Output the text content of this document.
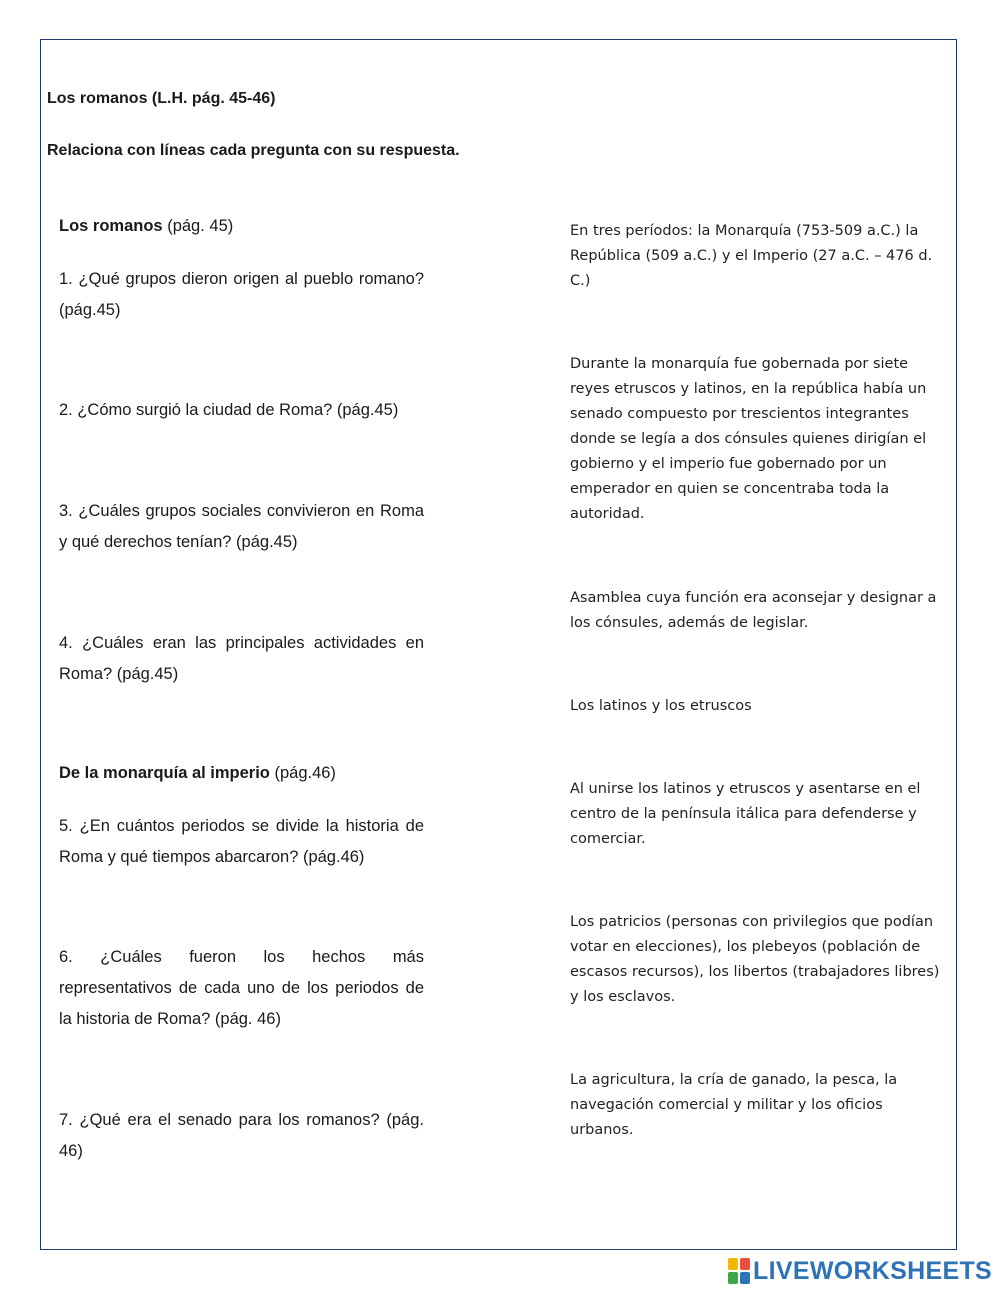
Los romanos (L.H. pág. 45-46)
Relaciona con líneas cada pregunta con su respuesta.
Los romanos (pág. 45)
1. ¿Qué grupos dieron origen al pueblo romano? (pág.45)
2. ¿Cómo surgió la ciudad de Roma? (pág.45)
3. ¿Cuáles grupos sociales convivieron en Roma y qué derechos tenían? (pág.45)
4. ¿Cuáles eran las principales actividades en Roma? (pág.45)
De la monarquía al imperio (pág.46)
5. ¿En cuántos periodos se divide la historia de Roma y qué tiempos abarcaron? (pág.46)
6. ¿Cuáles fueron los hechos más representativos de cada uno de los periodos de la historia de Roma? (pág. 46)
7. ¿Qué era el senado para los romanos? (pág. 46)
En tres períodos: la Monarquía (753-509 a.C.) la República (509 a.C.) y el Imperio (27 a.C. – 476 d. C.)
Durante la monarquía fue gobernada por siete reyes etruscos y latinos, en la república había un senado compuesto por trescientos integrantes donde se legía a dos cónsules quienes dirigían el gobierno y el imperio fue gobernado por un emperador en quien se concentraba toda la autoridad.
Asamblea cuya función era aconsejar y designar a los cónsules, además de legislar.
Los latinos y los etruscos
Al unirse los latinos y etruscos y asentarse en el centro de la península itálica para defenderse y comerciar.
Los patricios (personas con privilegios que podían votar en elecciones), los plebeyos (población de escasos recursos), los libertos (trabajadores libres) y los esclavos.
La agricultura, la cría de ganado, la pesca, la navegación comercial y militar y los oficios urbanos.
LIVEWORKSHEETS
